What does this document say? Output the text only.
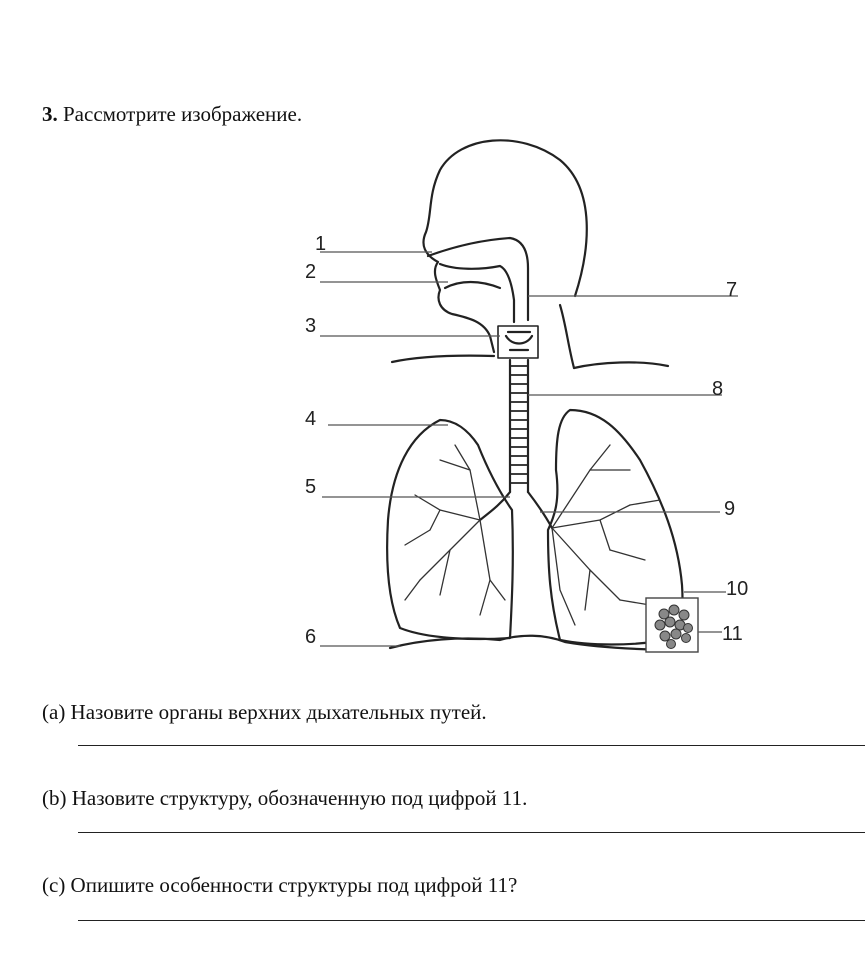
3. Рассмотрите изображение.
1
2
3
4
5
6
7
8
9
10
11
(a) Назовите органы верхних дыхательных путей.
(b) Назовите структуру, обозначенную под цифрой 11.
(c) Опишите особенности структуры под цифрой 11?
